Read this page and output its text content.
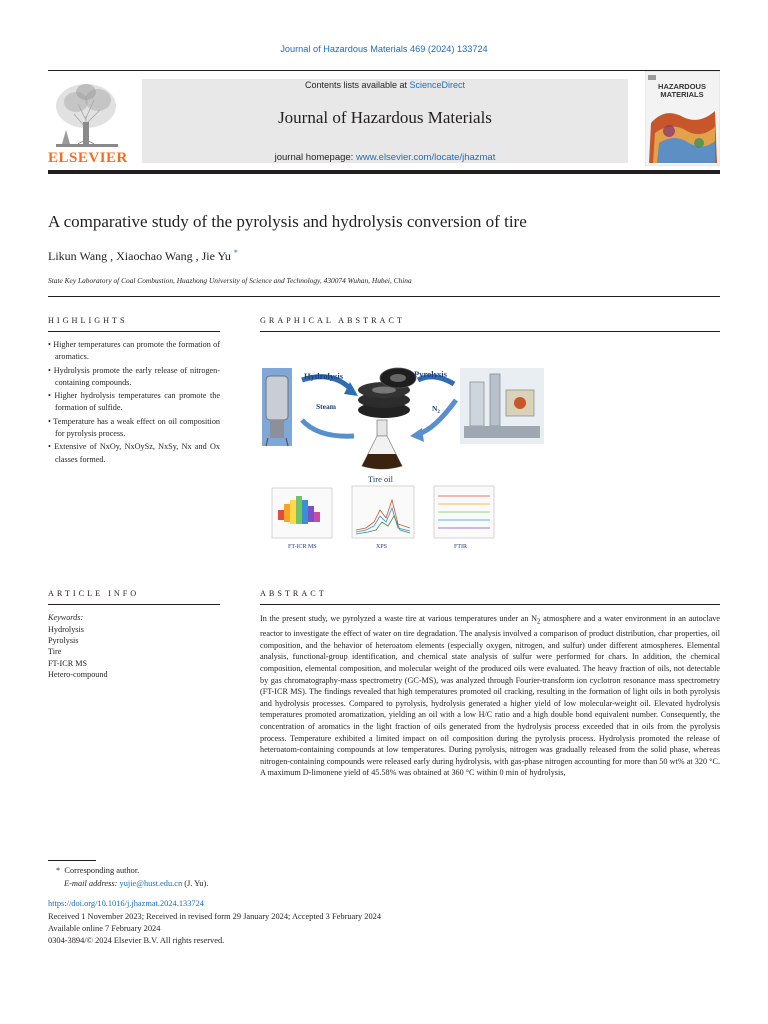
Journal of Hazardous Materials 469 (2024) 133724
ELSEVIER
Contents lists available at ScienceDirect
Journal of Hazardous Materials
journal homepage: www.elsevier.com/locate/jhazmat
HAZARDOUS
MATERIALS
A comparative study of the pyrolysis and hydrolysis conversion of tire
Likun Wang , Xiaochao Wang , Jie Yu *
State Key Laboratory of Coal Combustion, Huazhong University of Science and Technology, 430074 Wuhan, Hubei, China
HIGHLIGHTS
• Higher temperatures can promote the formation of aromatics.
• Hydrolysis promote the early release of nitrogen-containing compounds.
• Higher hydrolysis temperatures can promote the formation of sulfide.
• Temperature has a weak effect on oil composition for pyrolysis process.
• Extensive of NxOy, NxOySz, NxSy, Nx and Ox classes formed.
GRAPHICAL ABSTRACT
Hydrolysis	Pyrolysis
Steam	$N_2$
Tire oil
FT-ICR MS	XPS	FTIR
ARTICLE INFO
Keywords:
Hydrolysis
Pyrolysis
Tire
FT-ICR MS
Hetero-compound
ABSTRACT

In the present study, we pyrolyzed a waste tire at various temperatures under an $N_2$ atmosphere and a water environment in an autoclave reactor to investigate the effect of water on tire degradation. The analysis involved a comparison of product distribution, char properties, oil composition, and the behavior of heteroatom elements (especially oxygen, nitrogen, and sulfur) under different atmospheres. Elemental analysis, functional-group identification, and chemical state analysis of sulfur were performed for chars. In addition, the chemical composition, elemental composition, and molecular weight of the produced oils were evaluated. The heavy fraction of oils, not detectable by gas chromatography-mass spectrometry (GC-MS), was analyzed through Fourier-transform ion cyclotron resonance mass spectrometry (FT-ICR MS). The findings revealed that high temperatures promoted oil cracking, resulting in the formation of light oils in both pyrolysis and hydrolysis processes. Compared to pyrolysis, hydrolysis generated a higher yield of low molecular-weight oil. Elevated hydrolysis temperatures promoted aromatization, yielding an oil with a low H/C ratio and a high double bond equivalent number. Consequently, the concentration of aromatics in the light fraction of oils generated from the hydrolysis process exceeded that in oils from the pyrolysis process. Temperature exhibited a limited impact on oil composition during the pyrolysis process. Hydrolysis promoted the release of heteroatom-containing compounds at low temperatures. During pyrolysis, nitrogen was gradually released from the solid phase, whereas nitrogen-containing compounds were released early during hydrolysis, with gas-phase nitrogen accounting for more than 50 wt% at 320 °C. A maximum D-limonene yield of 45.58% was obtained at 360 °C within 0 min of hydrolysis,

* Corresponding author.
E-mail address: yujie@hust.edu.cn (J. Yu).
https://doi.org/10.1016/j.jhazmat.2024.133724
Received 1 November 2023; Received in revised form 29 January 2024; Accepted 3 February 2024
Available online 7 February 2024
0304-3894/© 2024 Elsevier B.V. All rights reserved.
